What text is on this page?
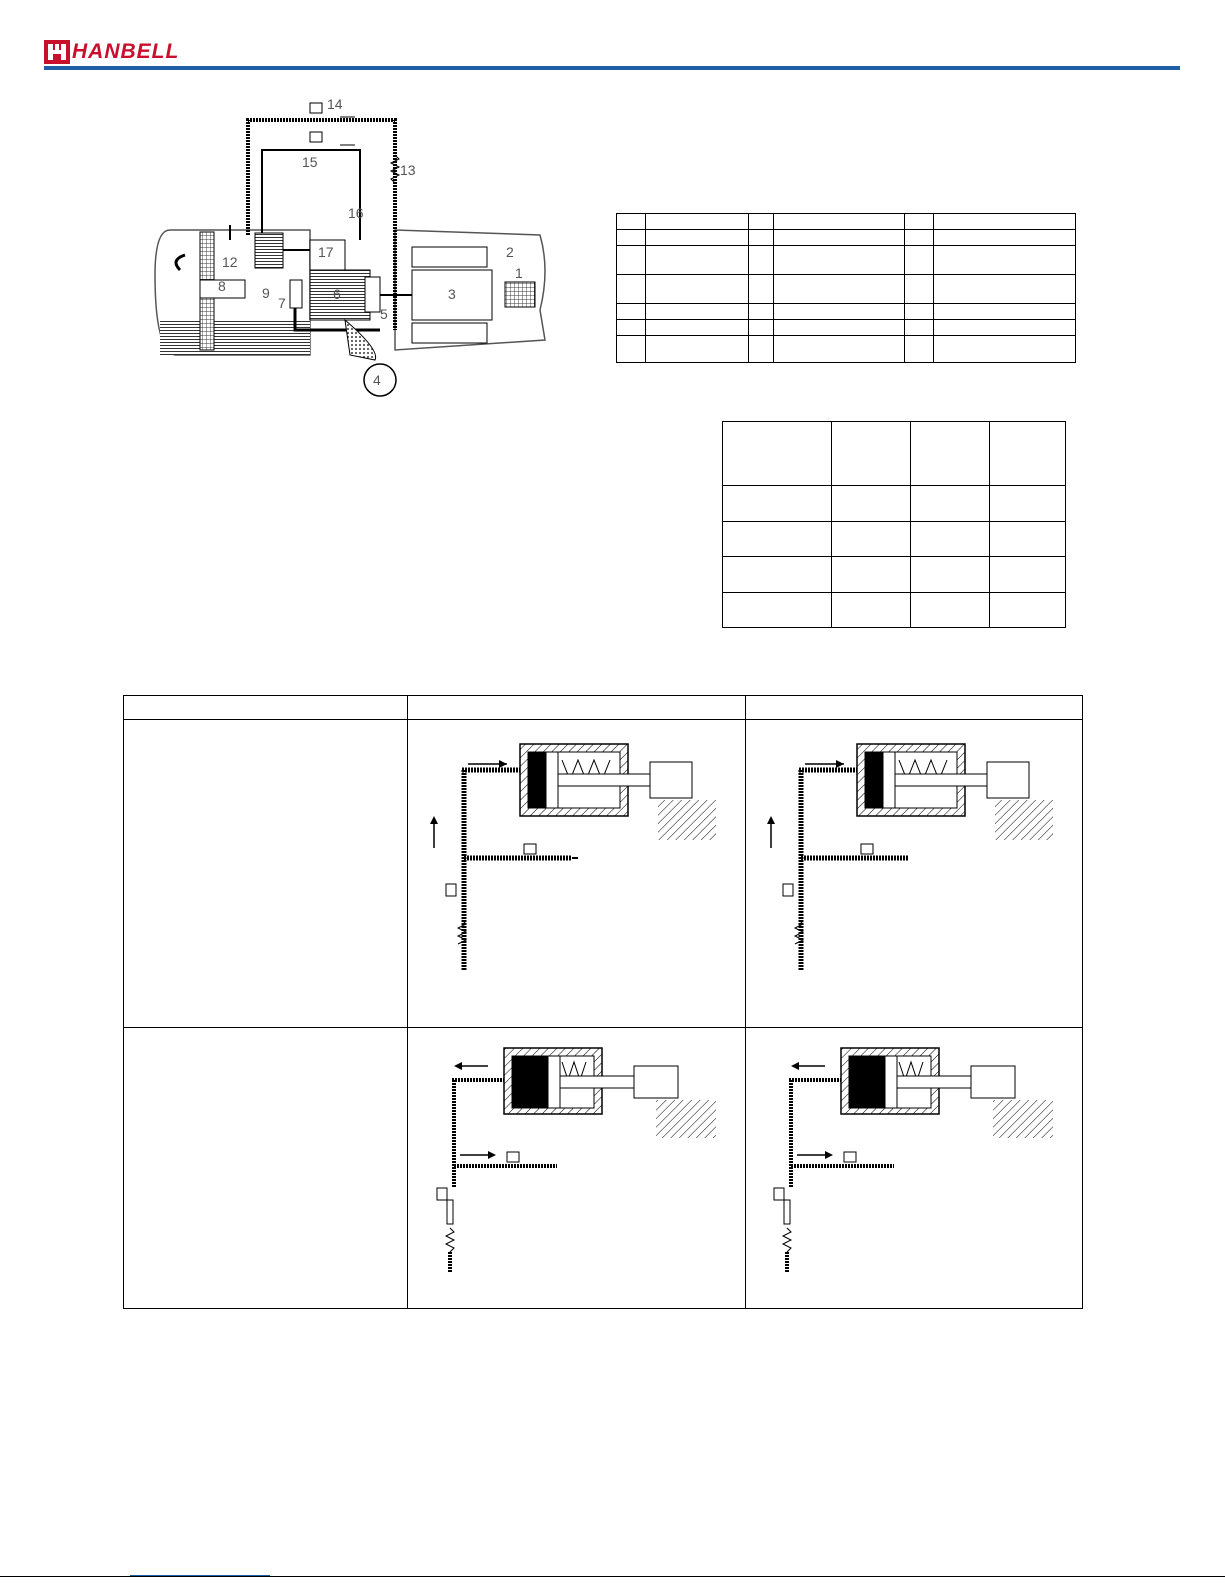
HANBELL
14
15	13
16
17
12
8	9
7
6
5
4
3
2
1
